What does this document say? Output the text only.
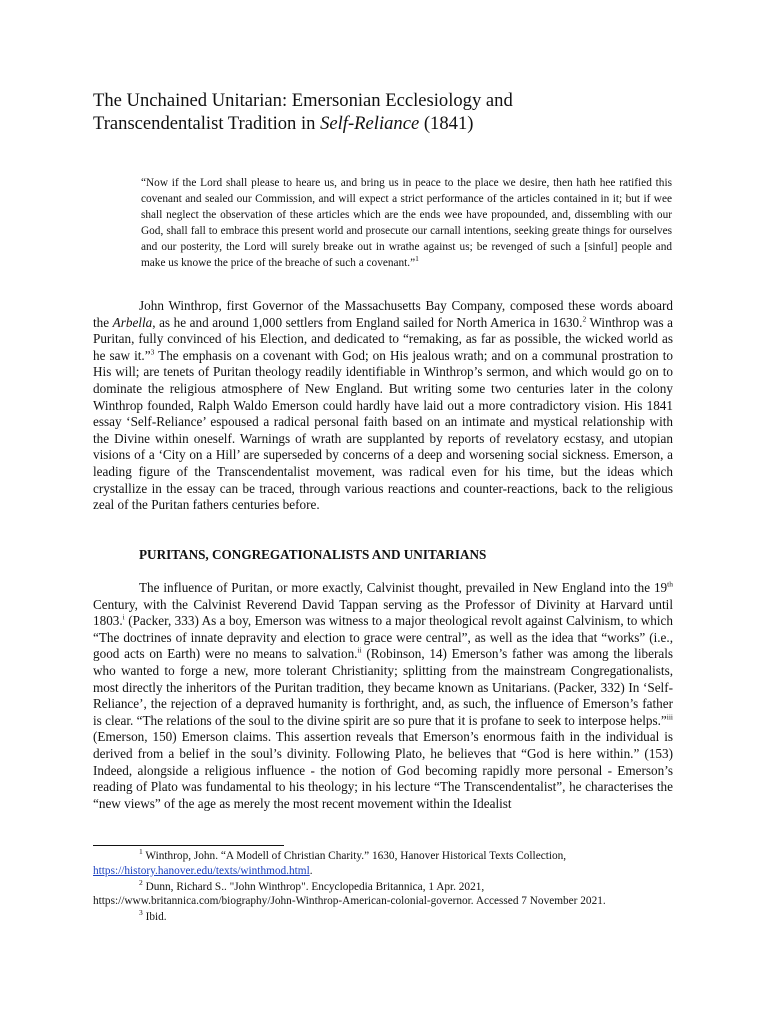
The Unchained Unitarian: Emersonian Ecclesiology and
Transcendentalist Tradition in Self-Reliance (1841)

“Now if the Lord shall please to heare us, and bring us in peace to the place we desire, then hath hee ratified this covenant and sealed our Commission, and will expect a strict performance of the articles contained in it; but if wee shall neglect the observation of these articles which are the ends wee have propounded, and, dissembling with our God, shall fall to embrace this present world and prosecute our carnall intentions, seeking greate things for ourselves and our posterity, the Lord will surely breake out in wrathe against us; be revenged of such a [sinful] people and make us knowe the price of the breache of such a covenant.”$^1$

John Winthrop, first Governor of the Massachusetts Bay Company, composed these words aboard the Arbella, as he and around 1,000 settlers from England sailed for North America in 1630.$^2$ Winthrop was a Puritan, fully convinced of his Election, and dedicated to “remaking, as far as possible, the wicked world as he saw it.”$^3$ The emphasis on a covenant with God; on His jealous wrath; and on a communal prostration to His will; are tenets of Puritan theology readily identifiable in Winthrop’s sermon, and which would go on to dominate the religious atmosphere of New England. But writing some two centuries later in the colony Winthrop founded, Ralph Waldo Emerson could hardly have laid out a more contradictory vision. His 1841 essay ‘Self-Reliance’ espoused a radical personal faith based on an intimate and mystical relationship with the Divine within oneself. Warnings of wrath are supplanted by reports of revelatory ecstasy, and utopian visions of a ‘City on a Hill’ are superseded by concerns of a deep and worsening social sickness. Emerson, a leading figure of the Transcendentalist movement, was radical even for his time, but the ideas which crystallize in the essay can be traced, through various reactions and counter-reactions, back to the religious zeal of the Puritan fathers centuries before.

PURITANS, CONGREGATIONALISTS AND UNITARIANS

The influence of Puritan, or more exactly, Calvinist thought, prevailed in New England into the 19th Century, with the Calvinist Reverend David Tappan serving as the Professor of Divinity at Harvard until 1803.$^i$ (Packer, 333) As a boy, Emerson was witness to a major theological revolt against Calvinism, to which “The doctrines of innate depravity and election to grace were central”, as well as the idea that “works” (i.e., good acts on Earth) were no means to salvation.$^{ii}$ (Robinson, 14) Emerson’s father was among the liberals who wanted to forge a new, more tolerant Christianity; splitting from the mainstream Congregationalists, most directly the inheritors of the Puritan tradition, they became known as Unitarians. (Packer, 332) In ‘Self-Reliance’, the rejection of a depraved humanity is forthright, and, as such, the influence of Emerson’s father is clear. “The relations of the soul to the divine spirit are so pure that it is profane to seek to interpose helps.”$^{iii}$ (Emerson, 150) Emerson claims. This assertion reveals that Emerson’s enormous faith in the individual is derived from a belief in the soul’s divinity. Following Plato, he believes that “God is here within.” (153) Indeed, alongside a religious influence - the notion of God becoming rapidly more personal - Emerson’s reading of Plato was fundamental to his theology; in his lecture “The Transcendentalist”, he characterises the “new views” of the age as merely the most recent movement within the Idealist

$^1$ Winthrop, John. “A Modell of Christian Charity.” 1630, Hanover Historical Texts Collection, https://history.hanover.edu/texts/winthmod.html.

$^2$ Dunn, Richard S.. "John Winthrop". Encyclopedia Britannica, 1 Apr. 2021, https://www.britannica.com/biography/John-Winthrop-American-colonial-governor. Accessed 7 November 2021.

$^3$ Ibid.
